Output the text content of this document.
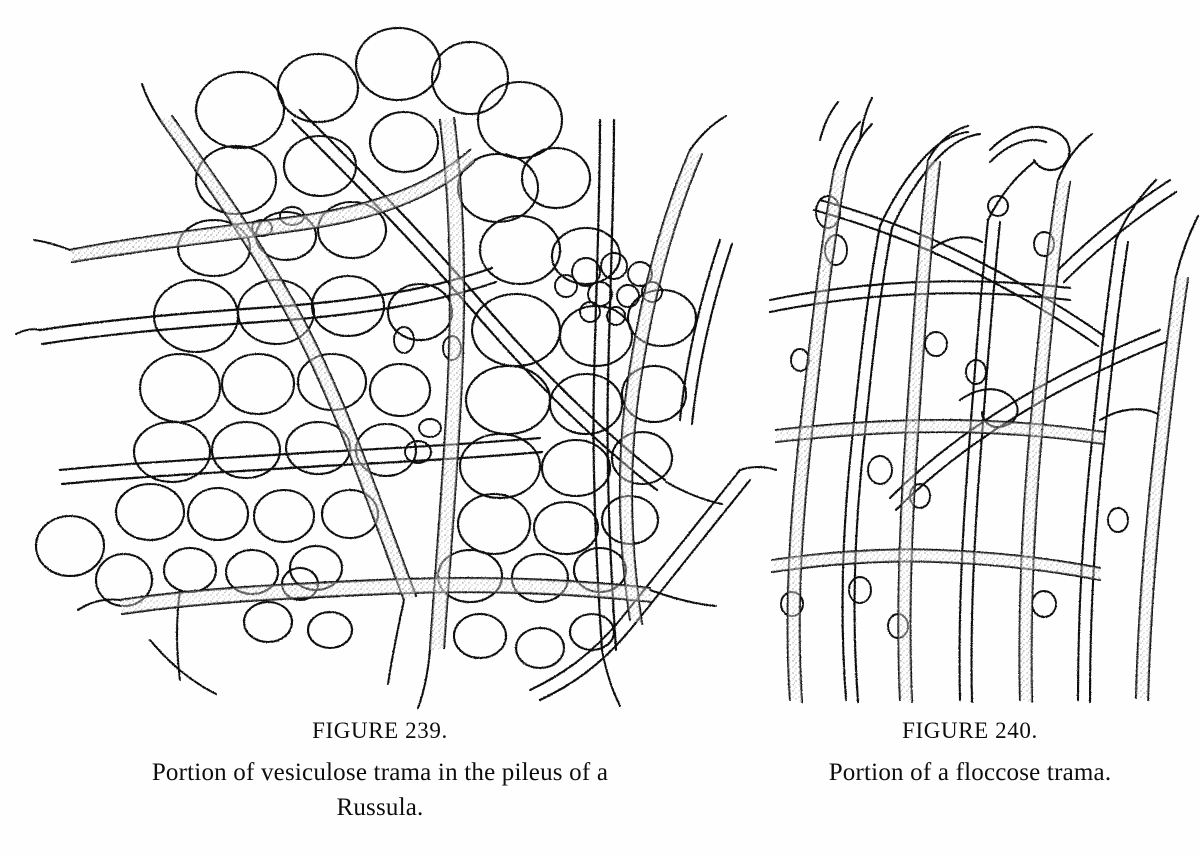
FIGURE 239.
Portion of vesiculose trama in the pileus of a
Russula.
FIGURE 240.
Portion of a floccose trama.
